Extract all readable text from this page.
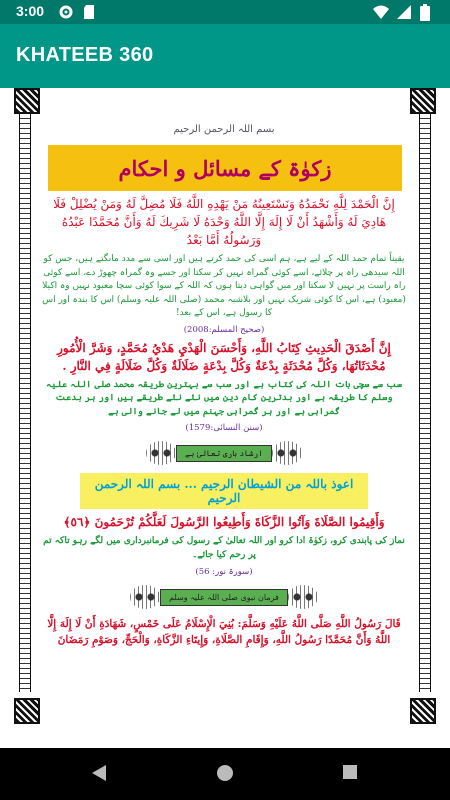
3:00
KHATEEB 360
بسم اللہ الرحمن الرحیم
زکوٰۃ کے مسائل و احکام

إِنَّ الْحَمْدَ لِلَّهِ نَحْمَدُهُ وَنَسْتَعِينُهُ مَنْ يَهْدِهِ اللَّهُ فَلَا مُضِلَّ لَهُ وَمَنْ يُضْلِلْ فَلَا هَادِيَ لَهُ وَأَشْهَدُ أَنْ لَا إِلَهَ إِلَّا اللَّهُ وَحْدَهُ لَا شَرِيكَ لَهُ وَأَنَّ مُحَمَّدًا عَبْدُهُ وَرَسُولُهُ أَمَّا بَعْدُ

یقیناً تمام حمد اللہ کے لیے ہے، ہم اسی کی حمد کرتے ہیں اور اسی سے مدد مانگتے ہیں، جس کو اللہ سیدھی راہ پر چلائے، اسے کوئی گمراہ نہیں کر سکتا اور جسے وہ گمراہ چھوڑ دے، اسے کوئی راہ راست پر نہیں لا سکتا اور میں گواہی دیتا ہوں کہ اللہ کے سوا کوئی سچا معبود نہیں وہ اکیلا (معبود) ہے، اس کا کوئی شریک نہیں اور بلاشبہ محمد (صلی اللہ علیہ وسلم) اس کا بندہ اور اس کا رسول ہے، اس کے بعد!

(صحیح المسلم:2008)

إِنَّ أَصْدَقَ الْحَدِيثِ كِتَابُ اللَّهِ، وَأَحْسَنَ الْهَدْيِ هَدْيُ مُحَمَّدٍ، وَشَرَّ الْأُمُورِ مُحْدَثَاتُهَا، وَكُلَّ مُحْدَثَةٍ بِدْعَةٌ وَكُلَّ بِدْعَةٍ ضَلَالَةٌ وَكُلَّ ضَلَالَةٍ فِي النَّارِ .

سب سے سچی بات اللہ کی کتاب ہے اور سب سے بہترین طریقہ محمد صلی اللہ علیہ وسلم کا طریقہ ہے اور بدترین کام دین میں نئے نئے طریقے ہیں اور ہر بدعت گمراہی ہے اور ہر گمراہی جہنم میں لے جانے والی ہے

(سنن النسائی:1579)
ارشاد باری تعالیٰ ہے
اعوذ باللہ من الشیطان الرجیم ... بسم اللہ الرحمن الرحیم

وَأَقِيمُوا الصَّلَاةَ وَآتُوا الزَّكَاةَ وَأَطِيعُوا الرَّسُولَ لَعَلَّكُمْ تُرْحَمُونَ ﴿٥٦﴾

نماز کی پابندی کرو، زکوٰۃ ادا کرو اور اللہ تعالیٰ کے رسول کی فرمانبرداری میں لگے رہو تاکہ تم پر رحم کیا جائے۔

(سورۃ نور: 56)
فرمان نبوی صلی اللہ علیہ وسلم

قَالَ رَسُولُ اللَّهِ صَلَّى اللَّهُ عَلَيْهِ وَسَلَّمَ: بُنِيَ الْإِسْلَامُ عَلَى خَمْسٍ، شَهَادَةِ أَنْ لَا إِلَهَ إِلَّا اللَّهُ وَأَنَّ مُحَمَّدًا رَسُولُ اللَّهِ، وَإِقَامِ الصَّلَاةِ، وَإِيتَاءِ الزَّكَاةِ، وَالْحَجِّ، وَصَوْمِ رَمَضَانَ
